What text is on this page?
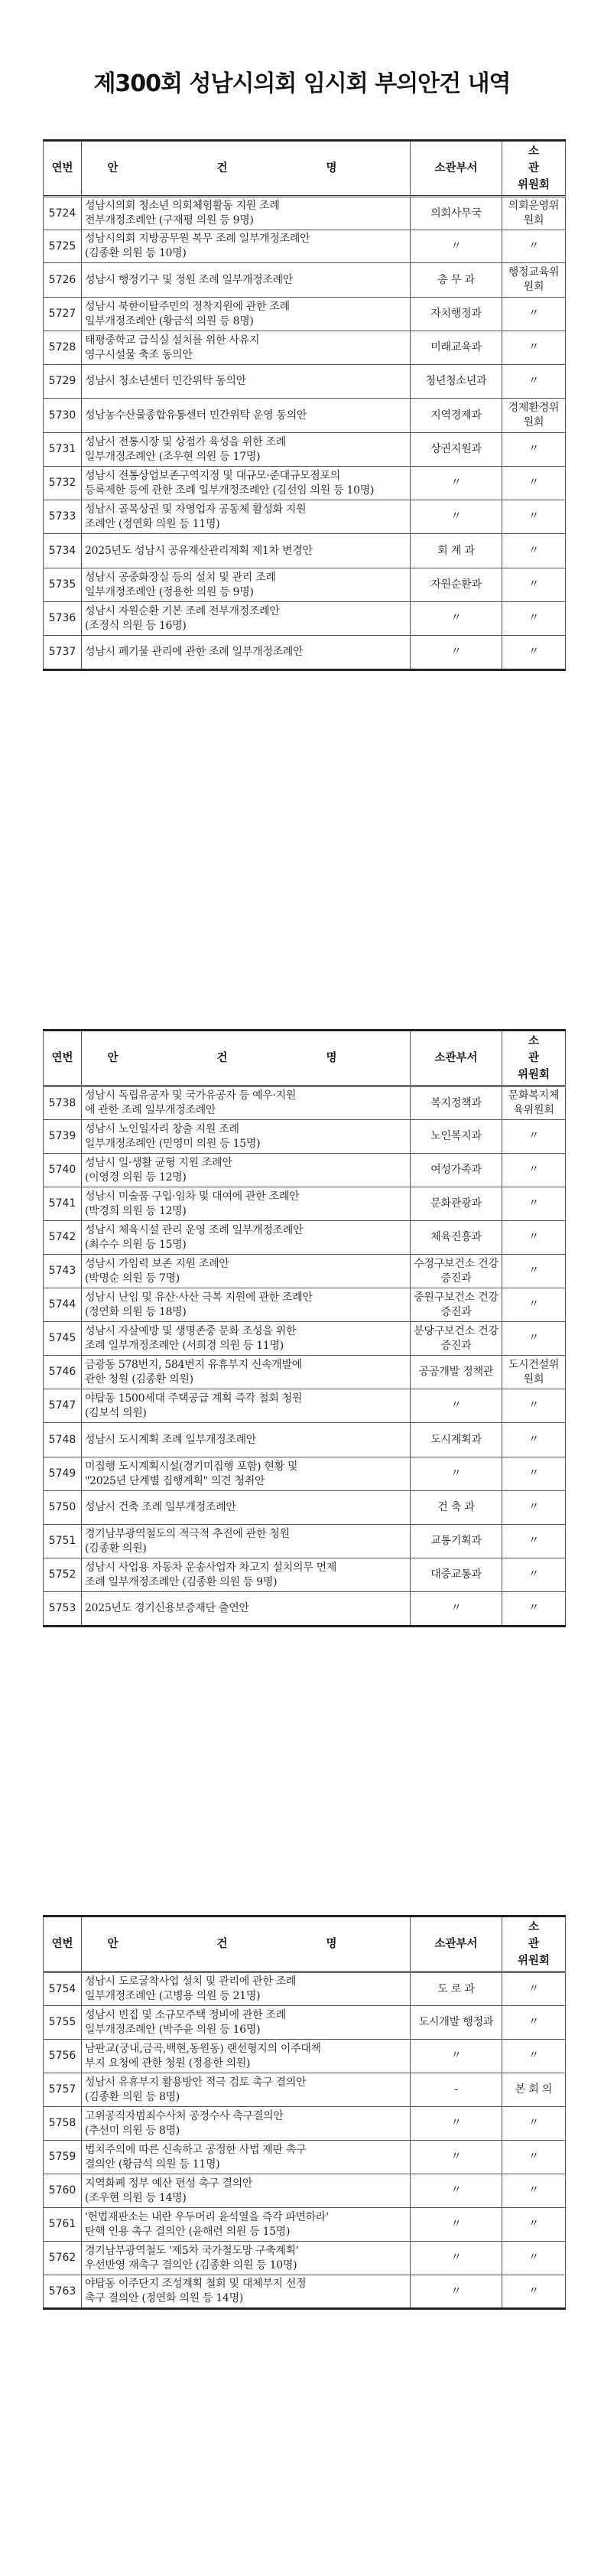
제300회 성남시의회 임시회 부의안건 내역
연번	안 건 명	소관부서	소 관
위원회
5724	성남시의회 청소년 의회체험활동 지원 조례
전부개정조례안 (구재평 의원 등 9명)	의회사무국	의회운영위원회
5725	성남시의회 지방공무원 복무 조례 일부개정조례안
(김종환 의원 등 10명)	〃	〃
5726	성남시 행정기구 및 정원 조례 일부개정조례안	총 무 과	행정교육위원회
5727	성남시 북한이탈주민의 정착지원에 관한 조례
일부개정조례안 (황금석 의원 등 8명)	자치행정과	〃
5728	태평중학교 급식실 설치를 위한 사유지
영구시설물 축조 동의안	미래교육과	〃
5729	성남시 청소년센터 민간위탁 동의안	청년청소년과	〃
5730	성남농수산물종합유통센터 민간위탁 운영 동의안	지역경제과	경제환경위원회
5731	성남시 전통시장 및 상점가 육성을 위한 조례
일부개정조례안 (조우현 의원 등 17명)	상권지원과	〃
5732	성남시 전통상업보존구역지정 및 대규모·준대규모점포의
등록제한 등에 관한 조례 일부개정조례안 (김선임 의원 등 10명)	〃	〃
5733	성남시 골목상권 및 자영업자 공동체 활성화 지원
조례안 (정연화 의원 등 11명)	〃	〃
5734	2025년도 성남시 공유재산관리계획 제1차 변경안	회 계 과	〃
5735	성남시 공중화장실 등의 설치 및 관리 조례
일부개정조례안 (정용한 의원 등 9명)	자원순환과	〃
5736	성남시 자원순환 기본 조례 전부개정조례안
(조정식 의원 등 16명)	〃	〃
5737	성남시 폐기물 관리에 관한 조례 일부개정조례안	〃	〃
연번	안 건 명	소관부서	소 관
위원회
5738	성남시 독립유공자 및 국가유공자 등 예우·지원
에 관한 조례 일부개정조례안	복지정책과	문화복지체육위원회
5739	성남시 노인일자리 창출 지원 조례
일부개정조례안 (민영미 의원 등 15명)	노인복지과	〃
5740	성남시 일·생활 균형 지원 조례안
(이영경 의원 등 12명)	여성가족과	〃
5741	성남시 미술품 구입·임차 및 대여에 관한 조례안
(박경희 의원 등 12명)	문화관광과	〃
5742	성남시 체육시설 관리 운영 조례 일부개정조례안
(최수수 의원 등 15명)	체육진흥과	〃
5743	성남시 가임력 보존 지원 조례안
(박명순 의원 등 7명)	수정구보건소 건강증진과	〃
5744	성남시 난임 및 유산·사산 극복 지원에 관한 조례안
(정연화 의원 등 18명)	중원구보건소 건강증진과	〃
5745	성남시 자살예방 및 생명존중 문화 조성을 위한
조례 일부개정조례안 (서희경 의원 등 11명)	분당구보건소 건강증진과	〃
5746	금광동 578번지, 584번지 유휴부지 신속개발에
관한 청원 (김종환 의원)	공공개발 정책관	도시건설위원회
5747	야탑동 1500세대 주택공급 계획 즉각 철회 청원
(김보석 의원)	〃	〃
5748	성남시 도시계획 조례 일부개정조례안	도시계획과	〃
5749	미집행 도시계획시설(경기미집행 포함) 현황 및
"2025년 단계별 집행계획" 의견 청취안	〃	〃
5750	성남시 건축 조례 일부개정조례안	건 축 과	〃
5751	경기남부광역철도의 적극적 추진에 관한 청원
(김종환 의원)	교통기획과	〃
5752	성남시 사업용 자동차 운송사업자 차고지 설치의무 면제
조례 일부개정조례안 (김종환 의원 등 9명)	대중교통과	〃
5753	2025년도 경기신용보증재단 출연안	〃	〃
연번	안 건 명	소관부서	소 관
위원회
5754	성남시 도로굴착사업 설치 및 관리에 관한 조례
일부개정조례안 (고병용 의원 등 21명)	도 로 과	〃
5755	성남시 빈집 및 소규모주택 정비에 관한 조례
일부개정조례안 (박주윤 의원 등 16명)	도시개발 행정과	〃
5756	남판교(궁내,금곡,백현,동원동) 랜선형지의 이주대책
부지 요청에 관한 청원 (정용한 의원)	〃	〃
5757	성남시 유휴부지 활용방안 적극 검토 촉구 결의안
(김종환 의원 등 8명)	-	본 회 의
5758	고위공직자범죄수사처 공정수사 촉구결의안
(추선미 의원 등 8명)	〃	〃
5759	법치주의에 따른 신속하고 공정한 사법 재판 촉구
결의안 (황금석 의원 등 11명)	〃	〃
5760	지역화폐 정부 예산 편성 촉구 결의안
(조우현 의원 등 14명)	〃	〃
5761	'헌법재판소는 내란 우두머리 윤석열을 즉각 파면하라'
탄핵 인용 촉구 결의안 (윤해련 의원 등 15명)	〃	〃
5762	경기남부광역철도 '제5차 국가철도망 구축계획'
우선반영 재촉구 결의안 (김종환 의원 등 10명)	〃	〃
5763	야탑동 이주단지 조성계획 철회 및 대체부지 선정
촉구 결의안 (정연화 의원 등 14명)	〃	〃
